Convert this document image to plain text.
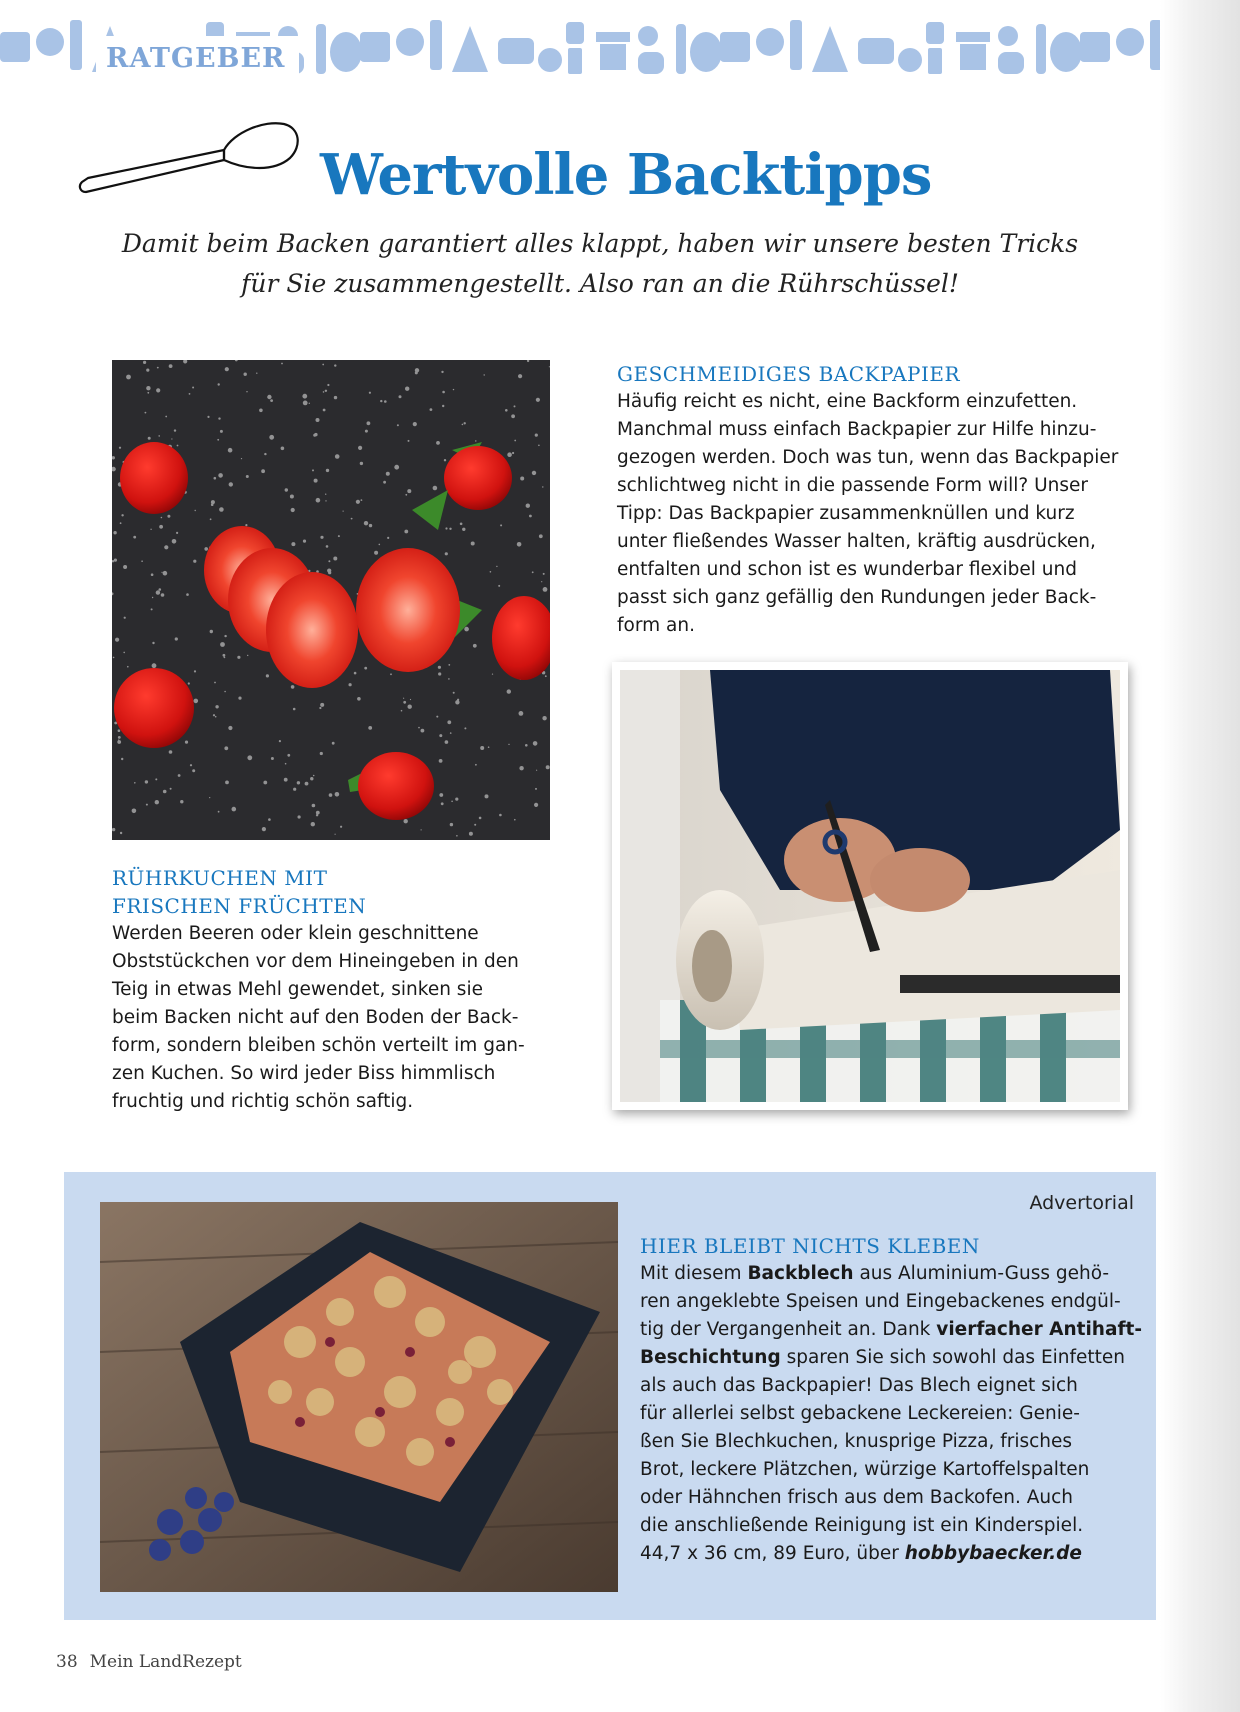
RATGEBER
Wertvolle Backtipps
Damit beim Backen garantiert alles klappt, haben wir unsere besten Tricks
für Sie zusammengestellt. Also ran an die Rührschüssel!
GESCHMEIDIGES BACKPAPIER
Häufig reicht es nicht, eine Backform einzufetten.
Manchmal muss einfach Backpapier zur Hilfe hinzu-
gezogen werden. Doch was tun, wenn das Backpapier
schlichtweg nicht in die passende Form will? Unser
Tipp: Das Backpapier zusammenknüllen und kurz
unter fließendes Wasser halten, kräftig ausdrücken,
entfalten und schon ist es wunderbar flexibel und
passt sich ganz gefällig den Rundungen jeder Back-
form an.
RÜHRKUCHEN MIT
FRISCHEN FRÜCHTEN
Werden Beeren oder klein geschnittene
Obststückchen vor dem Hineingeben in den
Teig in etwas Mehl gewendet, sinken sie
beim Backen nicht auf den Boden der Back-
form, sondern bleiben schön verteilt im gan-
zen Kuchen. So wird jeder Biss himmlisch
fruchtig und richtig schön saftig.
Advertorial
HIER BLEIBT NICHTS KLEBEN
Mit diesem Backblech aus Aluminium-Guss gehö-
ren angeklebte Speisen und Eingebackenes endgül-
tig der Vergangenheit an. Dank vierfacher Antihaft-
Beschichtung sparen Sie sich sowohl das Einfetten
als auch das Backpapier! Das Blech eignet sich
für allerlei selbst gebackene Leckereien: Genie-
ßen Sie Blechkuchen, knusprige Pizza, frisches
Brot, leckere Plätzchen, würzige Kartoffelspalten
oder Hähnchen frisch aus dem Backofen. Auch
die anschließende Reinigung ist ein Kinderspiel.
44,7 x 36 cm, 89 Euro, über hobbybaecker.de
38 Mein LandRezept
